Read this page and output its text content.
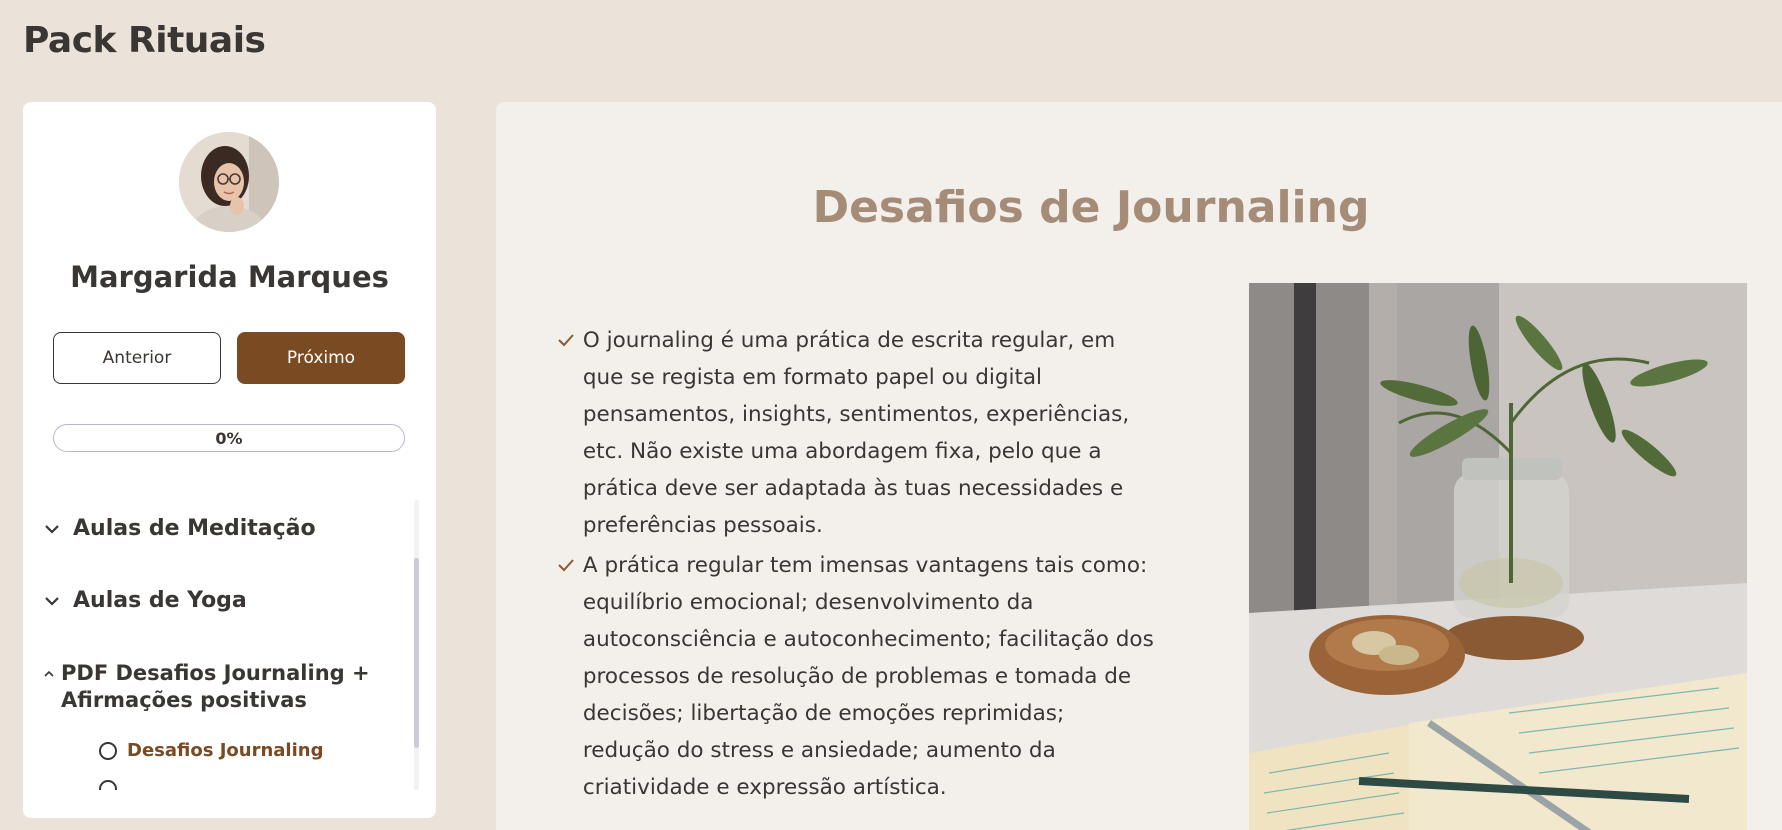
Pack Rituais
Margarida Marques
Anterior	Próximo
0%
Aulas de Meditação
Aulas de Yoga
PDF Desafios Journaling +
Afirmações positivas
Desafios Journaling
Desafios de Journaling
O journaling é uma prática de escrita regular, em que se regista em formato papel ou digital pensamentos, insights, sentimentos, experiências, etc. Não existe uma abordagem fixa, pelo que a prática deve ser adaptada às tuas necessidades e preferências pessoais.
A prática regular tem imensas vantagens tais como: equilíbrio emocional; desenvolvimento da autoconsciência e autoconhecimento; facilitação dos processos de resolução de problemas e tomada de decisões; libertação de emoções reprimidas; redução do stress e ansiedade; aumento da criatividade e expressão artística.
